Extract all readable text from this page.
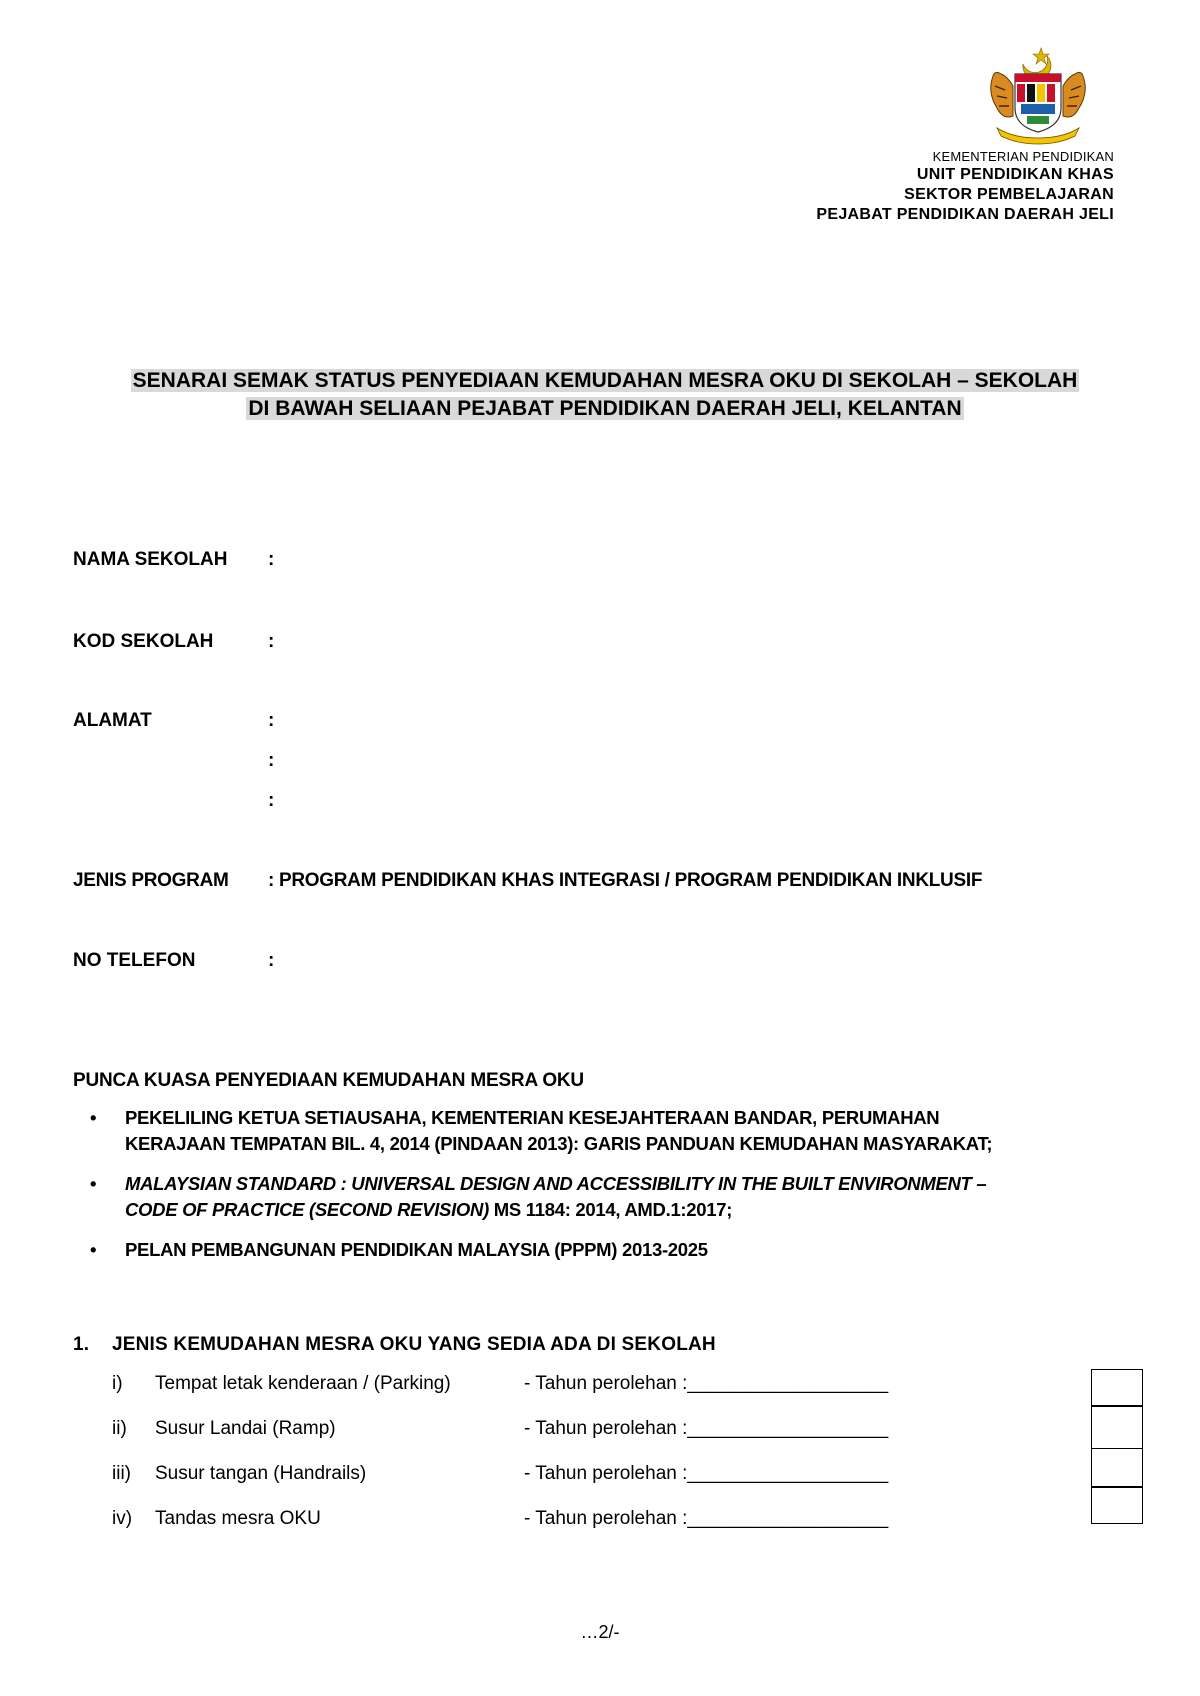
KEMENTERIAN PENDIDIKAN
UNIT PENDIDIKAN KHAS
SEKTOR PEMBELAJARAN
PEJABAT PENDIDIKAN DAERAH JELI
SENARAI SEMAK STATUS PENYEDIAAN KEMUDAHAN MESRA OKU DI SEKOLAH – SEKOLAH
DI BAWAH SELIAAN PEJABAT PENDIDIKAN DAERAH JELI, KELANTAN
NAMA SEKOLAH :
KOD SEKOLAH	:
ALAMAT	:
:
:
JENIS PROGRAM : PROGRAM PENDIDIKAN KHAS INTEGRASI / PROGRAM PENDIDIKAN INKLUSIF
NO TELEFON	:
PUNCA KUASA PENYEDIAAN KEMUDAHAN MESRA OKU
• PEKELILING KETUA SETIAUSAHA, KEMENTERIAN KESEJAHTERAAN BANDAR, PERUMAHAN
KERAJAAN TEMPATAN BIL. 4, 2014 (PINDAAN 2013): GARIS PANDUAN KEMUDAHAN MASYARAKAT;
• MALAYSIAN STANDARD : UNIVERSAL DESIGN AND ACCESSIBILITY IN THE BUILT ENVIRONMENT –
CODE OF PRACTICE (SECOND REVISION) MS 1184: 2014, AMD.1:2017;
• PELAN PEMBANGUNAN PENDIDIKAN MALAYSIA (PPPM) 2013-2025
1. JENIS KEMUDAHAN MESRA OKU YANG SEDIA ADA DI SEKOLAH
i) Tempat letak kenderaan / (Parking)	- Tahun perolehan :___________________
ii) Susur Landai (Ramp)	- Tahun perolehan :___________________
iii) Susur tangan (Handrails)	- Tahun perolehan :___________________
iv) Tandas mesra OKU	- Tahun perolehan :___________________
…2/-
